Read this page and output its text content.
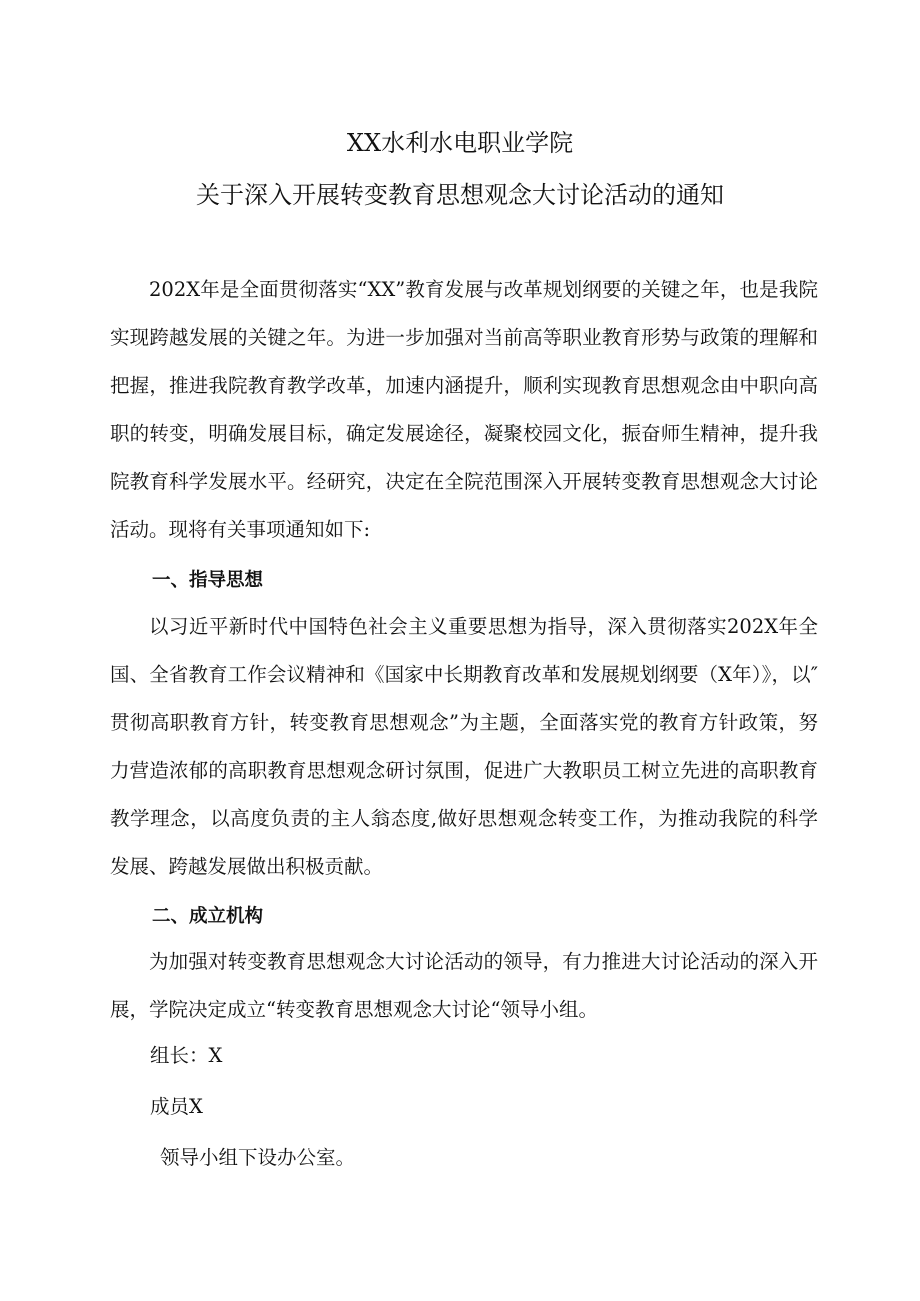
XX水利水电职业学院
关于深入开展转变教育思想观念大讨论活动的通知
202X年是全面贯彻落实“XX”教育发展与改革规划纲要的关键之年，也是我院实现跨越发展的关键之年。为进一步加强对当前高等职业教育形势与政策的理解和把握，推进我院教育教学改革，加速内涵提升，顺利实现教育思想观念由中职向高职的转变，明确发展目标，确定发展途径，凝聚校园文化，振奋师生精神，提升我院教育科学发展水平。经研究，决定在全院范围深入开展转变教育思想观念大讨论活动。现将有关事项通知如下:
一、指导思想
以习近平新时代中国特色社会主义重要思想为指导，深入贯彻落实202X年全国、全省教育工作会议精神和《国家中长期教育改革和发展规划纲要（X年）》，以″贯彻高职教育方针，转变教育思想观念”为主题，全面落实党的教育方针政策，努力营造浓郁的高职教育思想观念研讨氛围，促进广大教职员工树立先进的高职教育教学理念，以高度负责的主人翁态度,做好思想观念转变工作，为推动我院的科学发展、跨越发展做出积极贡献。
二、成立机构
为加强对转变教育思想观念大讨论活动的领导，有力推进大讨论活动的深入开展，学院决定成立“转变教育思想观念大讨论“领导小组。
组长：X
成员X
领导小组下设办公室。
